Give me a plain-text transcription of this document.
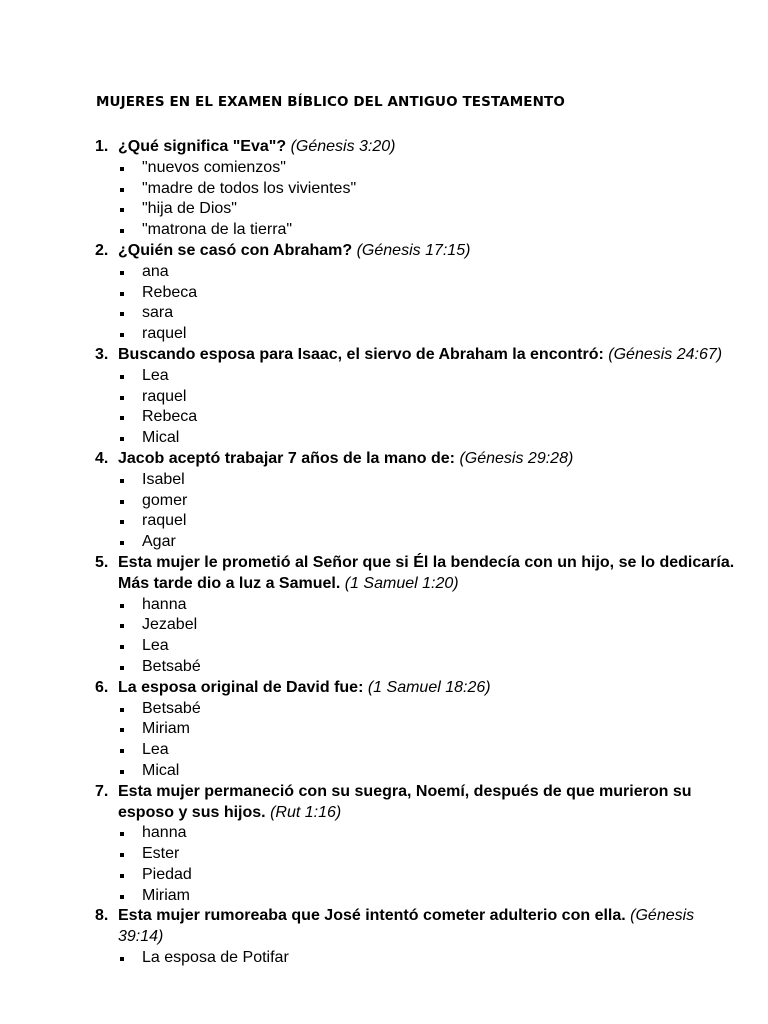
MUJERES EN EL EXAMEN BÍBLICO DEL ANTIGUO TESTAMENTO
1. ¿Qué significa "Eva"? (Génesis 3:20)
"nuevos comienzos"
"madre de todos los vivientes"
"hija de Dios"
"matrona de la tierra"
2. ¿Quién se casó con Abraham? (Génesis 17:15)
ana
Rebeca
sara
raquel
3. Buscando esposa para Isaac, el siervo de Abraham la encontró: (Génesis 24:67)
Lea
raquel
Rebeca
Mical
4. Jacob aceptó trabajar 7 años de la mano de: (Génesis 29:28)
Isabel
gomer
raquel
Agar
5. Esta mujer le prometió al Señor que si Él la bendecía con un hijo, se lo dedicaría. Más tarde dio a luz a Samuel. (1 Samuel 1:20)
hanna
Jezabel
Lea
Betsabé
6. La esposa original de David fue: (1 Samuel 18:26)
Betsabé
Miriam
Lea
Mical
7. Esta mujer permaneció con su suegra, Noemí, después de que murieron su esposo y sus hijos. (Rut 1:16)
hanna
Ester
Piedad
Miriam
8. Esta mujer rumoreaba que José intentó cometer adulterio con ella. (Génesis 39:14)
La esposa de Potifar
